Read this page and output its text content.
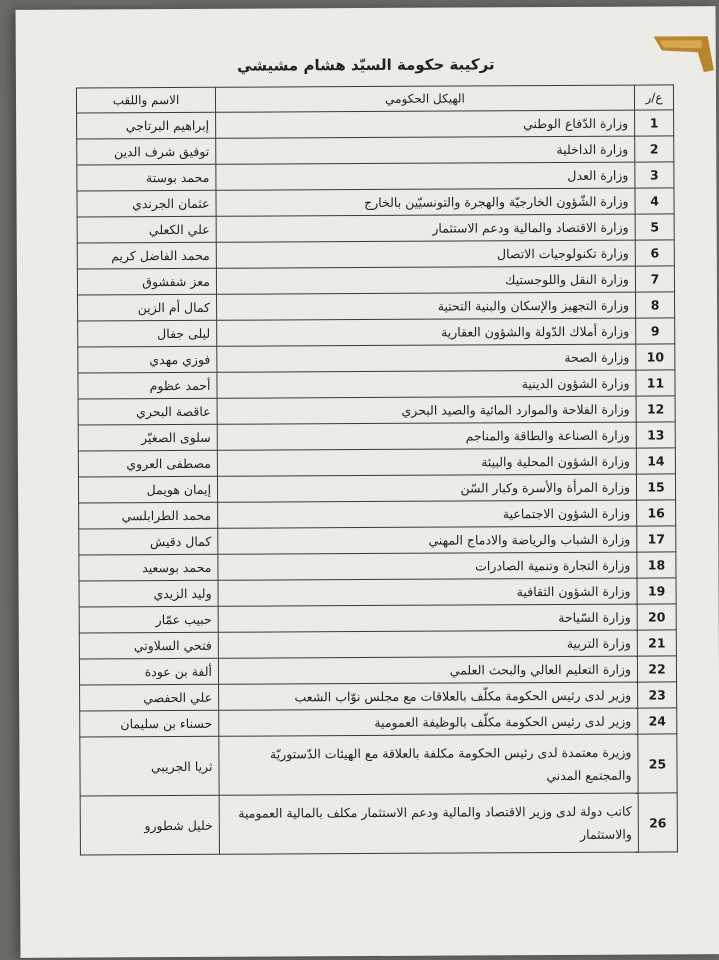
تركيبة حكومة السيّد هشام مشيشي
ع/ر	الهيكل الحكومي	الاسم واللقب
1	وزارة الدّفاع الوطني	إبراهيم البرتاجي
2	وزارة الداخلية	توفيق شرف الدين
3	وزارة العدل	محمد بوستة
4	وزارة الشّؤون الخارجيّة والهجرة والتونسيّين بالخارج	عثمان الجرندي
5	وزارة الاقتصاد والمالية ودعم الاستثمار	علي الكعلي
6	وزارة تكنولوجيات الاتصال	محمد الفاضل كريم
7	وزارة النقل واللوجستيك	معز شفشوق
8	وزارة التجهيز والإسكان والبنية التحتية	كمال أم الزين
9	وزارة أملاك الدّولة والشؤون العقارية	ليلى جفال
10	وزارة الصحة	فوزي مهدي
11	وزارة الشؤون الدينية	أحمد عظوم
12	وزارة الفلاحة والموارد المائية والصيد البحري	عاقصة البحري
13	وزارة الصناعة والطاقة والمناجم	سلوى الصغيّر
14	وزارة الشؤون المحلية والبيئة	مصطفى العروي
15	وزارة المرأة والأسرة وكبار السّن	إيمان هويمل
16	وزارة الشؤون الاجتماعية	محمد الطرابلسي
17	وزارة الشباب والرياضة والادماج المهني	كمال دقيش
18	وزارة التجارة وتنمية الصادرات	محمد بوسعيد
19	وزارة الشؤون الثقافية	وليد الزيدي
20	وزارة السّياحة	حبيب عمّار
21	وزارة التربية	فتحي السلاوتي
22	وزارة التعليم العالي والبحث العلمي	ألفة بن عودة
23	وزير لدى رئيس الحكومة مكلّف بالعلاقات مع مجلس نوّاب الشعب	علي الحفصي
24	وزير لدى رئيس الحكومة مكلّف بالوظيفة العمومية	حسناء بن سليمان
25	وزيرة معتمدة لدى رئيس الحكومة مكلفة بالعلاقة مع الهيئات الدّستوريّة والمجتمع المدني	ثريا الجريبي
26	كاتب دولة لدى وزير الاقتصاد والمالية ودعم الاستثمار مكلف بالمالية العمومية والاستثمار	خليل شطورو
